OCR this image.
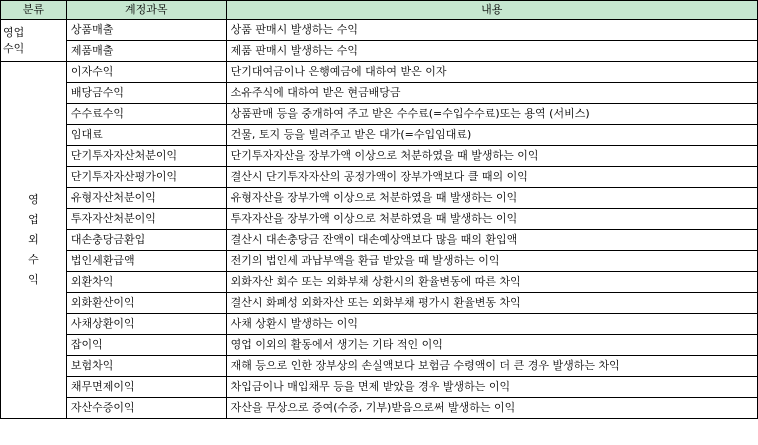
분류	계정과목	내용

영업
수익	상품매출	상품 판매시 발생하는 수익
	제품매출	제품 판매시 발생하는 수익

영
업
외
수
익	이자수익	단기대여금이나 은행예금에 대하여 받은 이자
	배당금수익	소유주식에 대하여 받은 현금배당금
	수수료수익	상품판매 등을 중개하여 주고 받은 수수료(=수입수수료)또는 용역 (서비스)
	임대료	건물, 토지 등을 빌려주고 받은 대가(=수입임대료)
	단기투자자산처분이익	단기투자자산을 장부가액 이상으로 처분하였을 때 발생하는 이익
	단기투자자산평가이익	결산시 단기투자자산의 공정가액이 장부가액보다 클 때의 이익
	유형자산처분이익	유형자산을 장부가액 이상으로 처분하였을 때 발생하는 이익
	투자자산처분이익	투자자산을 장부가액 이상으로 처분하였을 때 발생하는 이익
	대손충당금환입	결산시 대손충당금 잔액이 대손예상액보다 많을 때의 환입액
	법인세환급액	전기의 법인세 과납부액을 환급 받았을 때 발생하는 이익
	외환차익	외화자산 회수 또는 외화부채 상환시의 환율변동에 따른 차익
	외화환산이익	결산시 화폐성 외화자산 또는 외화부채 평가시 환율변동 차익
	사채상환이익	사채 상환시 발생하는 이익
	잡이익	영업 이외의 활동에서 생기는 기타 적인 이익
	보험차익	재해 등으로 인한 장부상의 손실액보다 보험금 수령액이 더 큰 경우 발생하는 차익
	채무면제이익	차입금이나 매입채무 등을 면제 받았을 경우 발생하는 이익
	자산수증이익	자산을 무상으로 증여(수증, 기부)받음으로써 발생하는 이익
